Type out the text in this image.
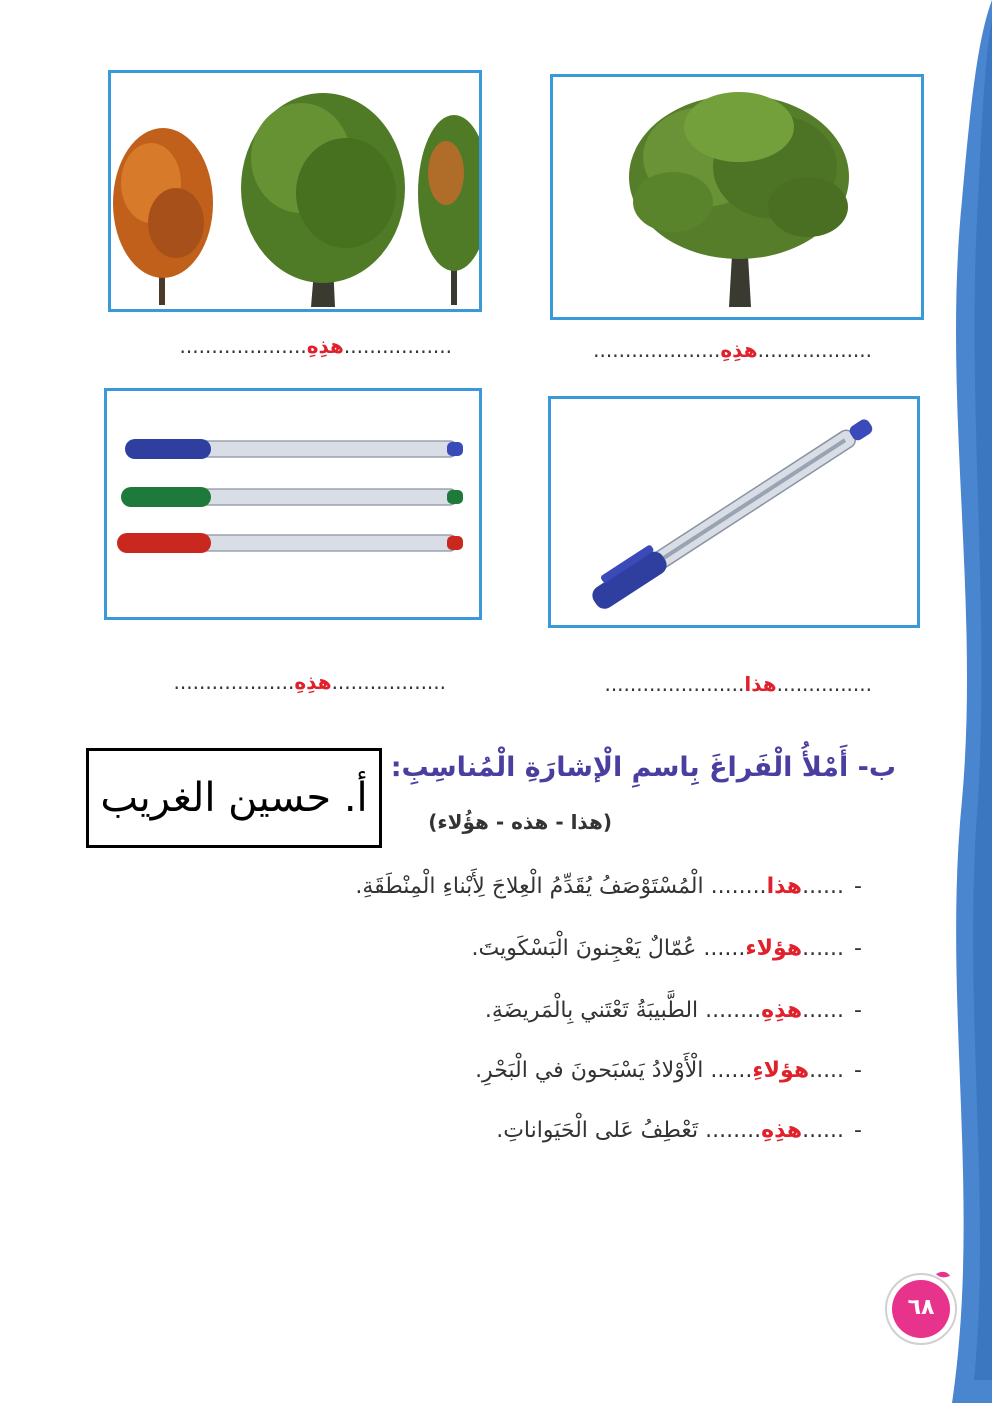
..................هذِهِ....................
.................هذِهِ....................
...............هذا......................
..................هذِهِ...................
ب- أَمْلأُ الْفَراغَ بِاسمِ الْإشارَةِ الْمُناسِبِ:
(هذا - هذه - هؤُلاء)
أ. حسين الغريب
-......هذا........ الْمُسْتَوْصَفُ يُقَدِّمُ الْعِلاجَ لِأَبْناءِ الْمِنْطَقَةِ.
-......هؤلاء...... عُمّالٌ يَعْجِنونَ الْبَسْكَويتَ.
-......هذِهِ........ الطَّبيبَةُ تَعْتَني بِالْمَريضَةِ.
-.....هؤلاءِ...... الْأَوْلادُ يَسْبَحونَ في الْبَحْرِ.
-......هذِهِ........ تَعْطِفُ عَلى الْحَيَواناتِ.
٦٨
